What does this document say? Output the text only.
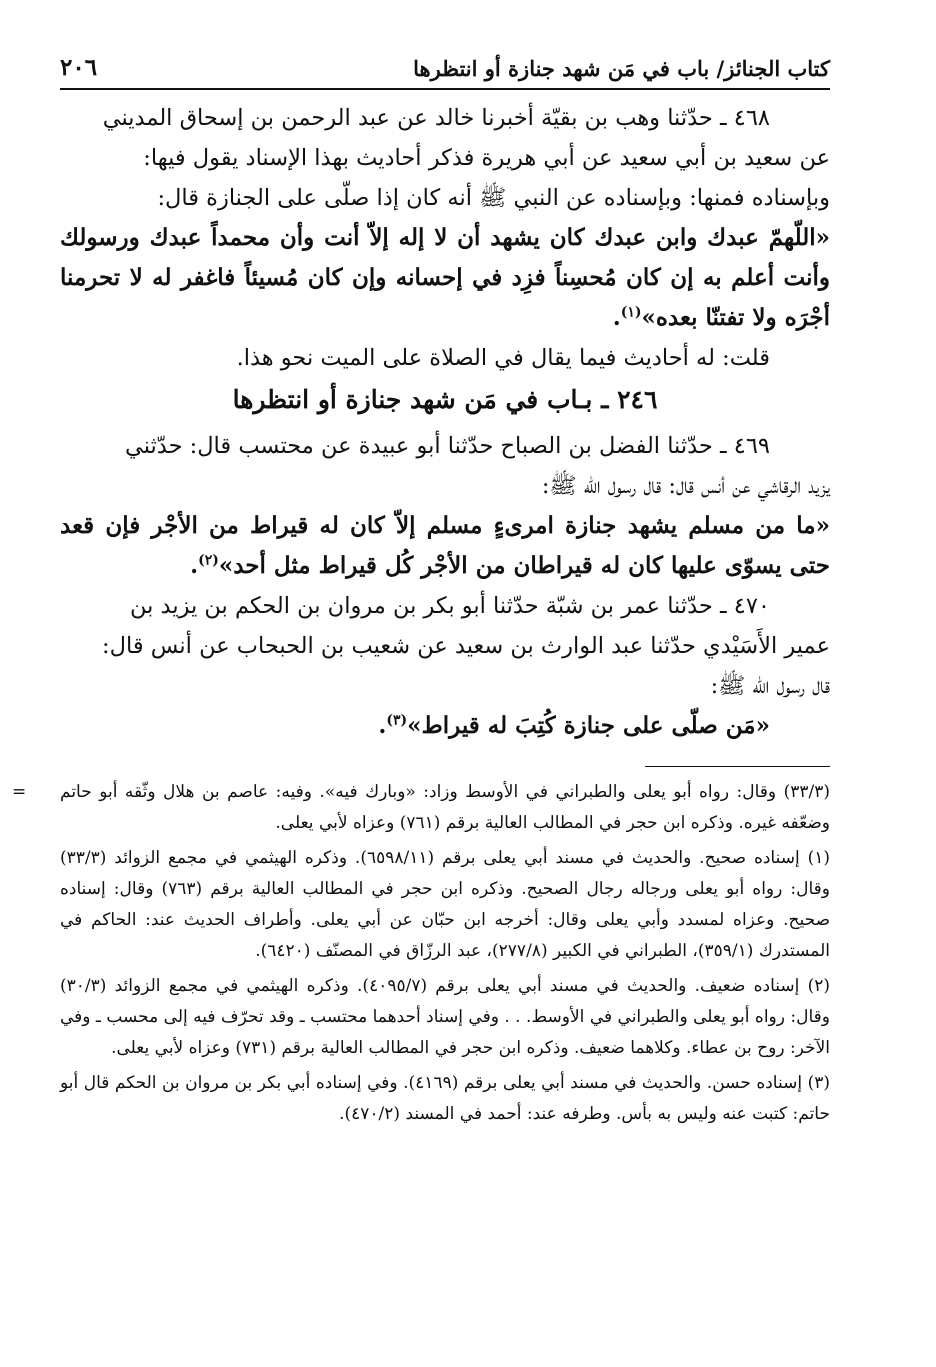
كتاب الجنائز/ باب في مَن شهد جنازة أو انتظرها
٢٠٦

٤٦٨ ـ حدّثنا وهب بن بقيّة أخبرنا خالد عن عبد الرحمن بن إسحاق المديني

عن سعيد بن أبي سعيد عن أبي هريرة فذكر أحاديث بهذا الإسناد يقول فيها:

وبإسناده فمنها: وبإسناده عن النبي ﷺ أنه كان إذا صلّى على الجنازة قال:

«اللّهمّ عبدك وابن عبدك كان يشهد أن لا إله إلاّ أنت وأن محمداً عبدك ورسولك وأنت أعلم به إن كان مُحسِناً فزِد في إحسانه وإن كان مُسيئاً فاغفر له لا تحرمنا أجْرَه ولا تفتنّا بعده»$^{(١)}$.

قلت: له أحاديث فيما يقال في الصلاة على الميت نحو هذا.

٢٤٦ ـ بـاب في مَن شهد جنازة أو انتظرها

٤٦٩ ـ حدّثنا الفضل بن الصباح حدّثنا أبو عبيدة عن محتسب قال: حدّثني

يزيد الرقاشي عن أنس قال: قال رسول الله ﷺ:

«ما من مسلم يشهد جنازة امرىءٍ مسلم إلاّ كان له قيراط من الأجْر فإن قعد حتى يسوّى عليها كان له قيراطان من الأجْر كُل قيراط مثل أحد»$^{(٢)}$.

٤٧٠ ـ حدّثنا عمر بن شبّة حدّثنا أبو بكر بن مروان بن الحكم بن يزيد بن

عمير الأَسَيْدي حدّثنا عبد الوارث بن سعيد عن شعيب بن الحبحاب عن أنس قال:

قال رسول الله ﷺ:

«مَن صلّى على جنازة كُتِبَ له قيراط»$^{(٣)}$.

= (٣٣/٣) وقال: رواه أبو يعلى والطبراني في الأوسط وزاد: «وبارك فيه». وفيه: عاصم بن هلال وثّقه أبو حاتم وضعّفه غيره. وذكره ابن حجر في المطالب العالية برقم (٧٦١) وعزاه لأبي يعلى.
(١) إسناده صحيح. والحديث في مسند أبي يعلى برقم (٦٥٩٨/١١). وذكره الهيثمي في مجمع الزوائد (٣٣/٣) وقال: رواه أبو يعلى ورجاله رجال الصحيح. وذكره ابن حجر في المطالب العالية برقم (٧٦٣) وقال: إسناده صحيح. وعزاه لمسدد وأبي يعلى وقال: أخرجه ابن حبّان عن أبي يعلى. وأطراف الحديث عند: الحاكم في المستدرك (٣٥٩/١)، الطبراني في الكبير (٢٧٧/٨)، عبد الرزّاق في المصنّف (٦٤٢٠).
(٢) إسناده ضعيف. والحديث في مسند أبي يعلى برقم (٤٠٩٥/٧). وذكره الهيثمي في مجمع الزوائد (٣٠/٣) وقال: رواه أبو يعلى والطبراني في الأوسط. . . وفي إسناد أحدهما محتسب ـ وقد تحرّف فيه إلى محسب ـ وفي الآخر: روح بن عطاء. وكلاهما ضعيف. وذكره ابن حجر في المطالب العالية برقم (٧٣١) وعزاه لأبي يعلى.
(٣) إسناده حسن. والحديث في مسند أبي يعلى برقم (٤١٦٩). وفي إسناده أبي بكر بن مروان بن الحكم قال أبو حاتم: كتبت عنه وليس به بأس. وطرفه عند: أحمد في المسند (٤٧٠/٢).
